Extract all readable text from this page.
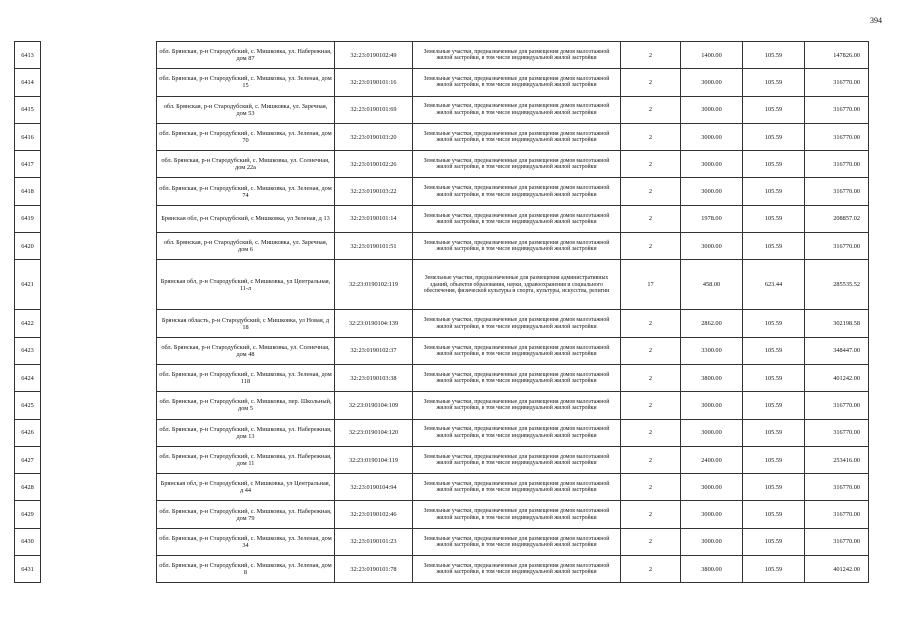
394
6413		обл. Брянская, р-н Стародубский, с. Мишковка, ул. Набережная, дом 87	32:23:0190102:49	Земельные участки, предназначенные для размещения домов малоэтажной жилой застройки, в том числе индивидуальной жилой застройки	2	1400.00	105.59	147826.00
6414		обл. Брянская, р-н Стародубский, с. Мишковка, ул. Зеленая, дом 15	32:23:0190101:16	Земельные участки, предназначенные для размещения домов малоэтажной жилой застройки, в том числе индивидуальной жилой застройки	2	3000.00	105.59	316770.00
6415		обл. Брянская, р-н Стародубский, с. Мишковка, ул. Заречная, дом 53	32:23:0190101:69	Земельные участки, предназначенные для размещения домов малоэтажной жилой застройки, в том числе индивидуальной жилой застройки	2	3000.00	105.59	316770.00
6416		обл. Брянская, р-н Стародубский, с. Мишковка, ул. Зеленая, дом 70	32:23:0190103:20	Земельные участки, предназначенные для размещения домов малоэтажной жилой застройки, в том числе индивидуальной жилой застройки	2	3000.00	105.59	316770.00
6417		обл. Брянская, р-н Стародубский, с. Мишковка, ул. Солнечная, дом 22а	32:23:0190102:26	Земельные участки, предназначенные для размещения домов малоэтажной жилой застройки, в том числе индивидуальной жилой застройки	2	3000.00	105.59	316770.00
6418		обл. Брянская, р-н Стародубский, с. Мишковка, ул. Зеленая, дом 74	32:23:0190103:22	Земельные участки, предназначенные для размещения домов малоэтажной жилой застройки, в том числе индивидуальной жилой застройки	2	3000.00	105.59	316770.00
6419		Брянская обл, р-н Стародубский, с Мишковка, ул Зеленая, д 13	32:23:0190101:14	Земельные участки, предназначенные для размещения домов малоэтажной жилой застройки, в том числе индивидуальной жилой застройки	2	1978.00	105.59	208857.02
6420		обл. Брянская, р-н Стародубский, с. Мишковка, ул. Заречная, дом 6	32:23:0190101:51	Земельные участки, предназначенные для размещения домов малоэтажной жилой застройки, в том числе индивидуальной жилой застройки	2	3000.00	105.59	316770.00
6421		Брянская обл, р-н Стародубский, с Мишковка, ул Центральная, 11-л	32:23:0190102:119	Земельные участки, предназначенные для размещения административных зданий, объектов образования, науки, здравоохранения и социального обеспечения, физической культуры и спорта, культуры, искусства, религии	17	458.00	623.44	285535.52
6422		Брянская область, р-н Стародубский, с Мишковка, ул Новая, д 18	32:23:0190104:139	Земельные участки, предназначенные для размещения домов малоэтажной жилой застройки, в том числе индивидуальной жилой застройки	2	2862.00	105.59	302198.58
6423		обл. Брянская, р-н Стародубский, с. Мишковка, ул. Солнечная, дом 48	32:23:0190102:37	Земельные участки, предназначенные для размещения домов малоэтажной жилой застройки, в том числе индивидуальной жилой застройки	2	3300.00	105.59	348447.00
6424		обл. Брянская, р-н Стародубский, с. Мишковка, ул. Зеленая, дом 118	32:23:0190103:38	Земельные участки, предназначенные для размещения домов малоэтажной жилой застройки, в том числе индивидуальной жилой застройки	2	3800.00	105.59	401242.00
6425		обл. Брянская, р-н Стародубский, с. Мишковка, пер. Школьный, дом 5	32:23:0190104:109	Земельные участки, предназначенные для размещения домов малоэтажной жилой застройки, в том числе индивидуальной жилой застройки	2	3000.00	105.59	316770.00
6426		обл. Брянская, р-н Стародубский, с. Мишковка, ул. Набережная, дом 13	32:23:0190104:120	Земельные участки, предназначенные для размещения домов малоэтажной жилой застройки, в том числе индивидуальной жилой застройки	2	3000.00	105.59	316770.00
6427		обл. Брянская, р-н Стародубский, с. Мишковка, ул. Набережная, дом 11	32:23:0190104:119	Земельные участки, предназначенные для размещения домов малоэтажной жилой застройки, в том числе индивидуальной жилой застройки	2	2400.00	105.59	253416.00
6428		Брянская обл, р-н Стародубский, с Мишковка, ул Центральная, д 44	32:23:0190104:94	Земельные участки, предназначенные для размещения домов малоэтажной жилой застройки, в том числе индивидуальной жилой застройки	2	3000.00	105.59	316770.00
6429		обл. Брянская, р-н Стародубский, с. Мишковка, ул. Набережная, дом 79	32:23:0190102:46	Земельные участки, предназначенные для размещения домов малоэтажной жилой застройки, в том числе индивидуальной жилой застройки	2	3000.00	105.59	316770.00
6430		обл. Брянская, р-н Стародубский, с. Мишковка, ул. Зеленая, дом 34	32:23:0190101:23	Земельные участки, предназначенные для размещения домов малоэтажной жилой застройки, в том числе индивидуальной жилой застройки	2	3000.00	105.59	316770.00
6431		обл. Брянская, р-н Стародубский, с. Мишковка, ул. Зеленая, дом 8	32:23:0190101:78	Земельные участки, предназначенные для размещения домов малоэтажной жилой застройки, в том числе индивидуальной жилой застройки	2	3800.00	105.59	401242.00
